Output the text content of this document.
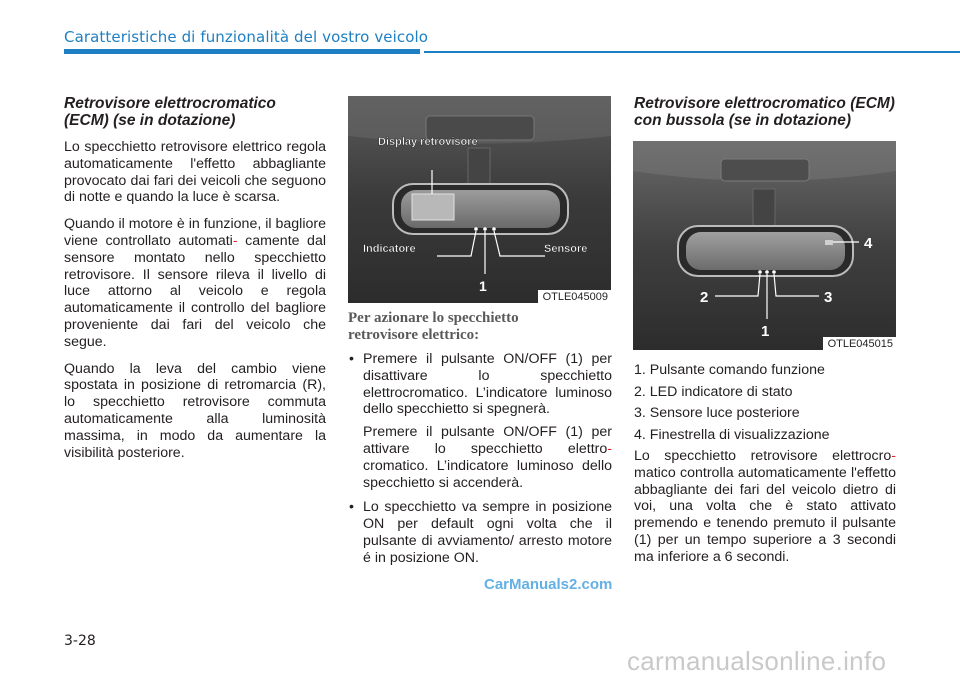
Caratteristiche di funzionalità del vostro veicolo
Retrovisore elettrocromatico
(ECM) (se in dotazione)

Lo specchietto retrovisore elettrico regola automaticamente l'effetto abbagliante provocato dai fari dei veicoli che seguono di notte e quando la luce è scarsa.

Quando il motore è in funzione, il bagliore viene controllato automati- camente dal sensore montato nello specchietto retrovisore. Il sensore rileva il livello di luce attorno al veicolo e regola automaticamente il controllo del bagliore proveniente dai fari del veicolo che segue.

Quando la leva del cambio viene spostata in posizione di retromarcia (R), lo specchietto retrovisore commuta automaticamente alla luminosità massima, in modo da aumentare la visibilità posteriore.

Display retrovisore
Indicatore	Sensore
1
OTLE045009
Per azionare lo specchietto
retrovisore elettrico:
• Premere il pulsante ON/OFF (1) per disattivare lo specchietto elettrocromatico. L’indicatore luminoso dello specchietto si spegnerà.
Premere il pulsante ON/OFF (1) per attivare lo specchietto elettro- cromatico. L’indicatore luminoso dello specchietto si accenderà.
• Lo specchietto va sempre in posizione ON per default ogni volta che il pulsante di avviamento/ arresto motore é in posizione ON.
Retrovisore elettrocromatico (ECM)
con bussola (se in dotazione)
4
2	3
1
OTLE045015
1. Pulsante comando funzione
2. LED indicatore di stato
3. Sensore luce posteriore
4. Finestrella di visualizzazione

Lo specchietto retrovisore elettrocro- matico controlla automaticamente l'effetto abbagliante dei fari del veicolo dietro di voi, una volta che è stato attivato premendo e tenendo premuto il pulsante (1) per un tempo superiore a 3 secondi ma inferiore a 6 secondi.

CarManuals2.com
carmanualsonline.info
3-28
